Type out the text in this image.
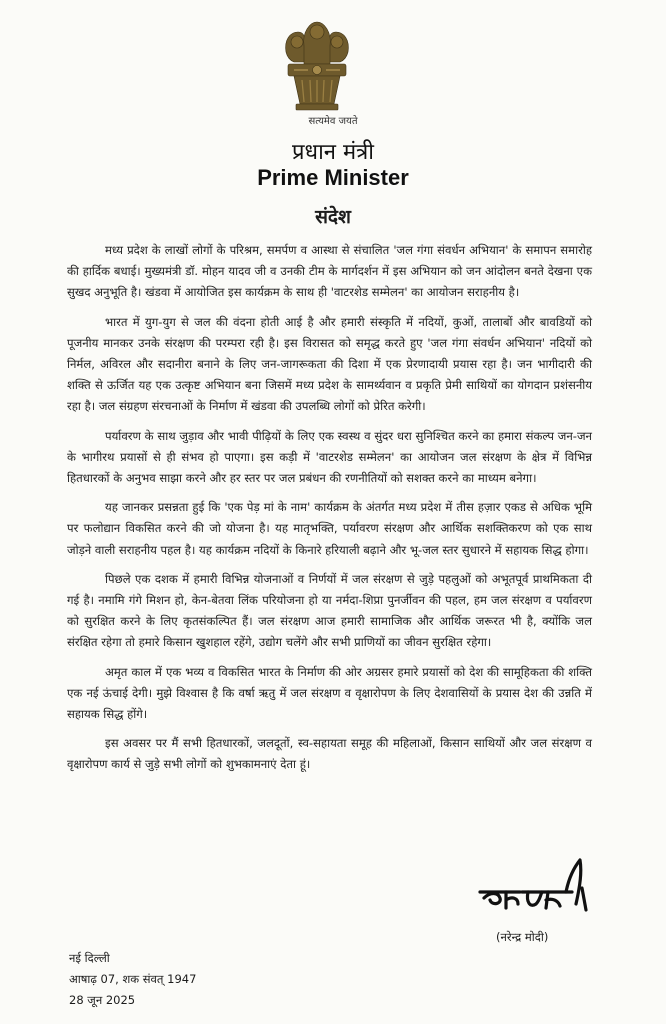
सत्यमेव जयते
प्रधान मंत्री
Prime Minister
संदेश

मध्य प्रदेश के लाखों लोगों के परिश्रम, समर्पण व आस्था से संचालित 'जल गंगा संवर्धन अभियान' के समापन समारोह की हार्दिक बधाई। मुख्यमंत्री डॉ. मोहन यादव जी व उनकी टीम के मार्गदर्शन में इस अभियान को जन आंदोलन बनते देखना एक सुखद अनुभूति है। खंडवा में आयोजित इस कार्यक्रम के साथ ही 'वाटरशेड सम्मेलन' का आयोजन सराहनीय है।

भारत में युग-युग से जल की वंदना होती आई है और हमारी संस्कृति में नदियों, कुओं, तालाबों और बावडियों को पूजनीय मानकर उनके संरक्षण की परम्परा रही है। इस विरासत को समृद्ध करते हुए 'जल गंगा संवर्धन अभियान' नदियों को निर्मल, अविरल और सदानीरा बनाने के लिए जन-जागरूकता की दिशा में एक प्रेरणादायी प्रयास रहा है। जन भागीदारी की शक्ति से ऊर्जित यह एक उत्कृष्ट अभियान बना जिसमें मध्य प्रदेश के सामर्थ्यवान व प्रकृति प्रेमी साथियों का योगदान प्रशंसनीय रहा है। जल संग्रहण संरचनाओं के निर्माण में खंडवा की उपलब्धि लोगों को प्रेरित करेगी।

पर्यावरण के साथ जुड़ाव और भावी पीढ़ियों के लिए एक स्वस्थ व सुंदर धरा सुनिश्चित करने का हमारा संकल्प जन-जन के भागीरथ प्रयासों से ही संभव हो पाएगा। इस कड़ी में 'वाटरशेड सम्मेलन' का आयोजन जल संरक्षण के क्षेत्र में विभिन्न हितधारकों के अनुभव साझा करने और हर स्तर पर जल प्रबंधन की रणनीतियों को सशक्त करने का माध्यम बनेगा।

यह जानकर प्रसन्नता हुई कि 'एक पेड़ मां के नाम' कार्यक्रम के अंतर्गत मध्य प्रदेश में तीस हज़ार एकड से अधिक भूमि पर फलोद्यान विकसित करने की जो योजना है। यह मातृभक्ति, पर्यावरण संरक्षण और आर्थिक सशक्तिकरण को एक साथ जोड़ने वाली सराहनीय पहल है। यह कार्यक्रम नदियों के किनारे हरियाली बढ़ाने और भू-जल स्तर सुधारने में सहायक सिद्ध होगा।

पिछले एक दशक में हमारी विभिन्न योजनाओं व निर्णयों में जल संरक्षण से जुड़े पहलुओं को अभूतपूर्व प्राथमिकता दी गई है। नमामि गंगे मिशन हो, केन-बेतवा लिंक परियोजना हो या नर्मदा-शिप्रा पुनर्जीवन की पहल, हम जल संरक्षण व पर्यावरण को सुरक्षित करने के लिए कृतसंकल्पित हैं। जल संरक्षण आज हमारी सामाजिक और आर्थिक जरूरत भी है, क्योंकि जल संरक्षित रहेगा तो हमारे किसान खुशहाल रहेंगे, उद्योग चलेंगे और सभी प्राणियों का जीवन सुरक्षित रहेगा।

अमृत काल में एक भव्य व विकसित भारत के निर्माण की ओर अग्रसर हमारे प्रयासों को देश की सामूहिकता की शक्ति एक नई ऊंचाई देगी। मुझे विश्वास है कि वर्षा ऋतु में जल संरक्षण व वृक्षारोपण के लिए देशवासियों के प्रयास देश की उन्नति में सहायक सिद्ध होंगे।

इस अवसर पर मैं सभी हितधारकों, जलदूतों, स्व-सहायता समूह की महिलाओं, किसान साथियों और जल संरक्षण व वृक्षारोपण कार्य से जुड़े सभी लोगों को शुभकामनाएं देता हूं।

(नरेन्द्र मोदी)
नई दिल्ली
आषाढ़ 07, शक संवत् 1947
28 जून 2025
